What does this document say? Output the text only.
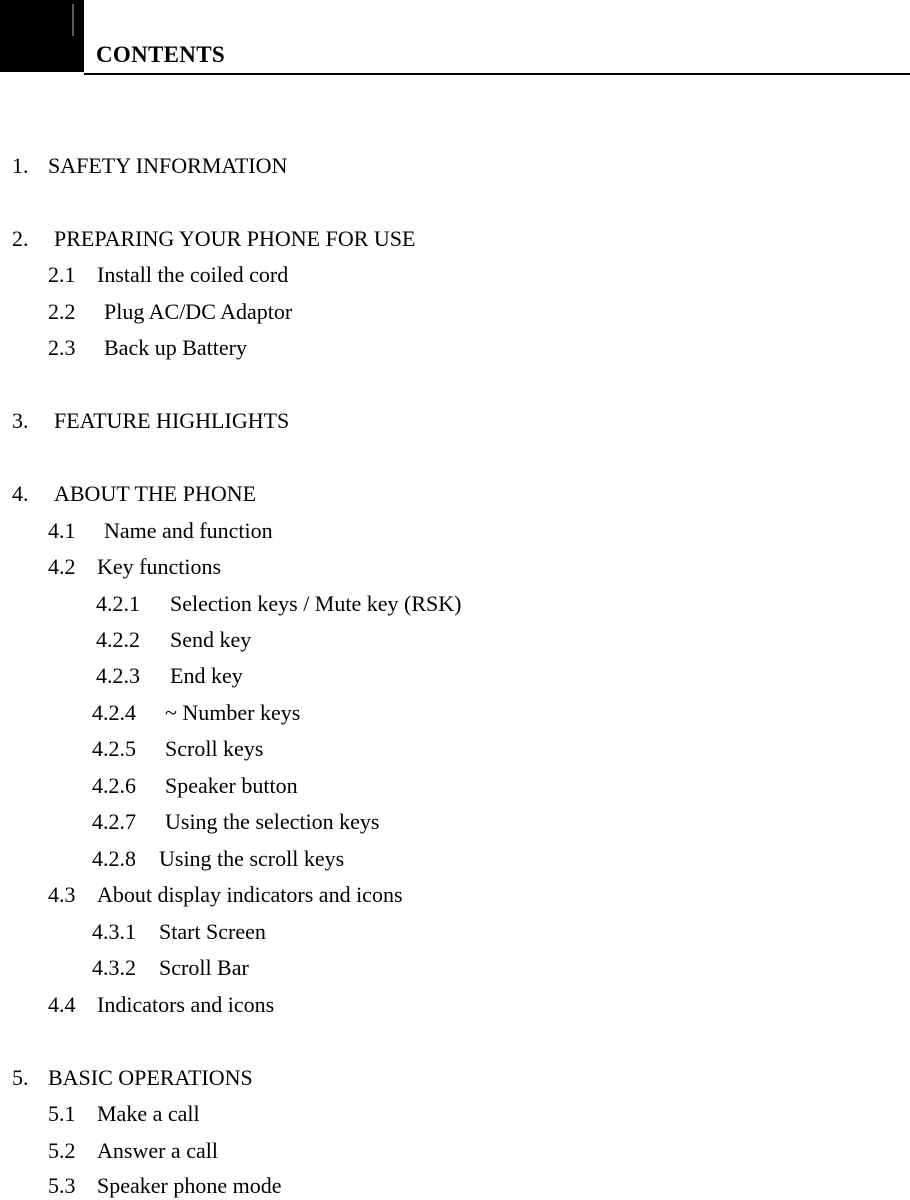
CONTENTS
1. SAFETY INFORMATION
2. PREPARING YOUR PHONE FOR USE
2.1 Install the coiled cord
2.2 Plug AC/DC Adaptor
2.3 Back up Battery
3. FEATURE HIGHLIGHTS
4. ABOUT THE PHONE
4.1 Name and function
4.2 Key functions
4.2.1 Selection keys / Mute key (RSK)
4.2.2 Send key
4.2.3 End key
4.2.4 ~ Number keys
4.2.5 Scroll keys
4.2.6 Speaker button
4.2.7 Using the selection keys
4.2.8 Using the scroll keys
4.3 About display indicators and icons
4.3.1 Start Screen
4.3.2 Scroll Bar
4.4 Indicators and icons
5. BASIC OPERATIONS
5.1 Make a call
5.2 Answer a call
5.3 Speaker phone mode
